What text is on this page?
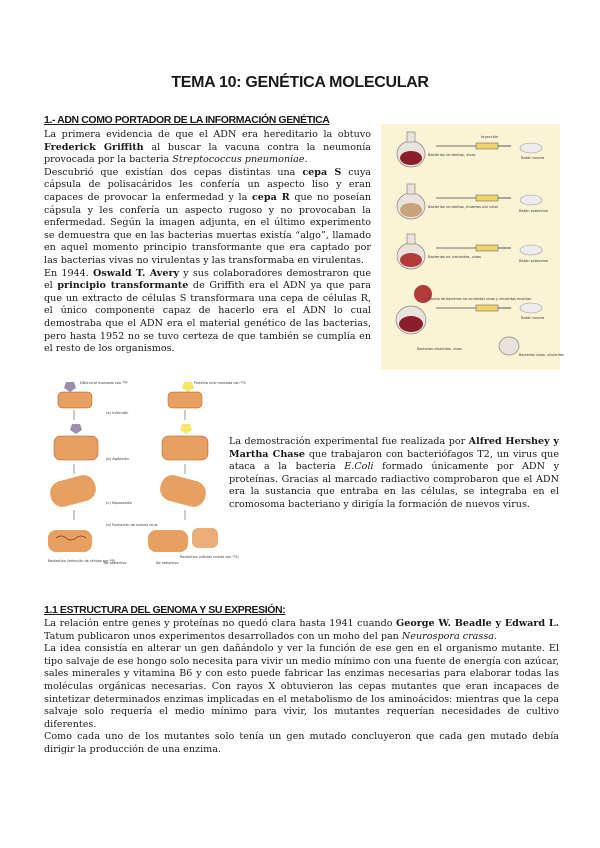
TEMA 10: GENÉTICA MOLECULAR
1.- ADN COMO PORTADOR DE LA INFORMACIÓN GENÉTICA

La primera evidencia de que el ADN era hereditario la obtuvo Frederick Griffith al buscar la vacuna contra la neumonía provocada por la bacteria Streptococcus pneumoniae.

Descubrió que existían dos cepas distintas una cepa S cuya cápsula de polisacáridos les confería un aspecto liso y eran capaces de provocar la enfermedad y la cepa R que no poseían cápsula y les confería un aspecto rugoso y no provocaban la enfermedad. Según la imagen adjunta, en el último experimento se demuestra que en las bacterias muertas existía “algo”, llamado en aquel momento principio transformante que era captado por las bacterias vivas no virulentas y las transformaba en virulentas.

En 1944. Oswald T. Avery y sus colaboradores demostraron que el principio transformante de Griffith era el ADN ya que para que un extracto de células S transformara una cepa de células R, el único componente capaz de hacerlo era el ADN lo cual demostraba que el ADN era el material genético de las bacterias, pero hasta 1952 no se tuvo certeza de que también se cumplía en el resto de los organismos.

Bacterias virulentas, vivas
Inyección
Ratón muere
Bacterias virulentas, muertas por calor
Ratón sobrevive
Bacterias no virulentas, vivas
Ratón sobrevive
Mezcla de bacterias no virulentas vivas y virulentas muertas
Ratón muere
Bacterias virulentas, vivas
Bacterias vivas, virulentas
DNA-viral marcado con ³²P
(a) Infección
(b) Agitación
(c) Separación
(d) Formación de nuevos virus
Radiactivo (infección de células por ³²P)
No radiactivo
Proteína viral marcada con ³⁵S
No radiactivo
Radiactivo (células virales con ³⁵S)

La demostración experimental fue realizada por Alfred Hershey y Martha Chase que trabajaron con bacteriófagos T2, un virus que ataca a la bacteria E.Coli formado únicamente por ADN y proteínas. Gracias al marcado radiactivo comprobaron que el ADN era la sustancia que entraba en las células, se integraba en el cromosoma bacteriano y dirigía la formación de nuevos virus.

1.1 ESTRUCTURA DEL GENOMA Y SU EXPRESIÓN:

La relación entre genes y proteínas no quedó clara hasta 1941 cuando George W. Beadle y Edward L. Tatum publicaron unos experimentos desarrollados con un moho del pan Neurospora crassa.

La idea consistía en alterar un gen dañándolo y ver la función de ese gen en el organismo mutante. El tipo salvaje de ese hongo solo necesita para vivir un medio mínimo con una fuente de energía con azúcar, sales minerales y vitamina B6 y con esto puede fabricar las enzimas necesarias para elaborar todas las moléculas orgánicas necesarias. Con rayos X obtuvieron las cepas mutantes que eran incapaces de sintetizar determinados enzimas implicadas en el metabolismo de los aminoácidos: mientras que la cepa salvaje solo requería el medio mínimo para vivir, los mutantes requerían necesidades de cultivo diferentes.

Como cada uno de los mutantes solo tenía un gen mutado concluyeron que cada gen mutado debía dirigir la producción de una enzima.
